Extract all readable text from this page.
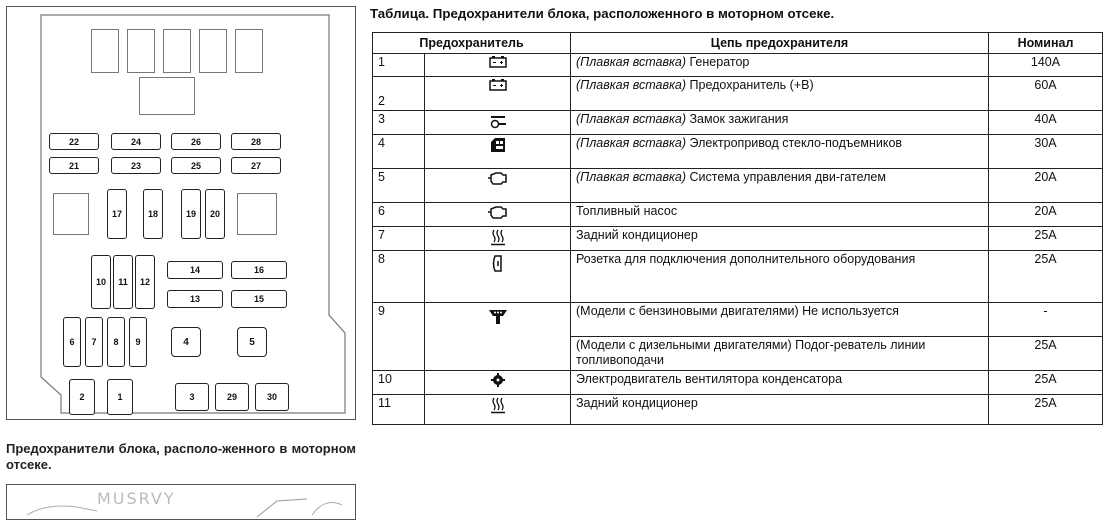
22	24	26	28
21	23	25	27
17	18	19	20
10	11	12
14	16
13	15
6	7	8	9	4	5
2	1	3	29	30
Предохранители блока, располо-женного в моторном отсеке.
MUSRVY
Таблица. Предохранители блока, расположенного в моторном отсеке.
Предохранитель		Цепь предохранителя	Номинал
1		(Плавкая вставка) Генератор	140A
2		(Плавкая вставка) Предохранитель (+B)	60A
3		(Плавкая вставка) Замок зажигания	40A
4		(Плавкая вставка) Электропривод стекло-подъемников	30A
5		(Плавкая вставка) Система управления дви-гателем	20A
6		Топливный насос	20A
7		Задний кондиционер	25A
8		Розетка для подключения дополнительного оборудования	25A
9		(Модели с бензиновыми двигателями) Не используется	-
		(Модели с дизельными двигателями) Подог-реватель линии топливоподачи	25A
10		Электродвигатель вентилятора конденсатора	25A
11		Задний кондиционер	25A
